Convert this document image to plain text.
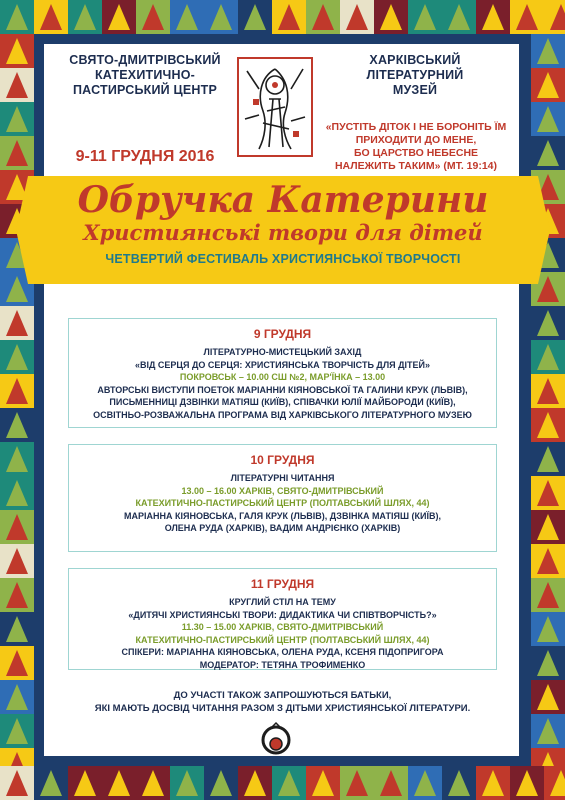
СВЯТО-ДМИТРІВСЬКИЙ
КАТЕХИТИЧНО-
ПАСТИРСЬКИЙ ЦЕНТР
ХАРКІВСЬКИЙ
ЛІТЕРАТУРНИЙ
МУЗЕЙ
«ПУСТІТЬ ДІТОК І НЕ БОРОНІТЬ ЇМ
ПРИХОДИТИ ДО МЕНЕ,
БО ЦАРСТВО НЕБЕСНЕ
НАЛЕЖИТЬ ТАКИМ» (МТ. 19:14)
9-11 ГРУДНЯ 2016
Обручка Катерини
Християнські твори для дітей
ЧЕТВЕРТИЙ ФЕСТИВАЛЬ ХРИСТИЯНСЬКОЇ ТВОРЧОСТІ
9 ГРУДНЯ
ЛІТЕРАТУРНО-МИСТЕЦЬКИЙ ЗАХІД
«ВІД СЕРЦЯ ДО СЕРЦЯ: ХРИСТИЯНСЬКА ТВОРЧІСТЬ ДЛЯ ДІТЕЙ»
ПОКРОВСЬК – 10.00 СШ №2, МАР'ЇНКА – 13.00
АВТОРСЬКІ ВИСТУПИ ПОЕТОК МАРІАННИ КІЯНОВСЬКОЇ ТА ГАЛИНИ КРУК (ЛЬВІВ),
ПИСЬМЕННИЦІ ДЗВІНКИ МАТІЯШ (КИЇВ), СПІВАЧКИ ЮЛІЇ МАЙБОРОДИ (КИЇВ),
ОСВІТНЬО-РОЗВАЖАЛЬНА ПРОГРАМА ВІД ХАРКІВСЬКОГО ЛІТЕРАТУРНОГО МУЗЕЮ
10 ГРУДНЯ
ЛІТЕРАТУРНІ ЧИТАННЯ
13.00 – 16.00 ХАРКІВ, СВЯТО-ДМИТРІВСЬКИЙ
КАТЕХИТИЧНО-ПАСТИРСЬКИЙ ЦЕНТР (ПОЛТАВСЬКИЙ ШЛЯХ, 44)
МАРІАННА КІЯНОВСЬКА, ГАЛЯ КРУК (ЛЬВІВ), ДЗВІНКА МАТІЯШ (КИЇВ),
ОЛЕНА РУДА (ХАРКІВ), ВАДИМ АНДРІЄНКО (ХАРКІВ)
11 ГРУДНЯ
КРУГЛИЙ СТІЛ НА ТЕМУ
«ДИТЯЧІ ХРИСТИЯНСЬКІ ТВОРИ: ДИДАКТИКА ЧИ СПІВТВОРЧІСТЬ?»
11.30 – 15.00 ХАРКІВ, СВЯТО-ДМИТРІВСЬКИЙ
КАТЕХИТИЧНО-ПАСТИРСЬКИЙ ЦЕНТР (ПОЛТАВСЬКИЙ ШЛЯХ, 44)
СПІКЕРИ: МАРІАННА КІЯНОВСЬКА, ОЛЕНА РУДА, КСЕНЯ ПІДОПРИГОРА
МОДЕРАТОР: ТЕТЯНА ТРОФИМЕНКО
ДО УЧАСТІ ТАКОЖ ЗАПРОШУЮТЬСЯ БАТЬКИ,
ЯКІ МАЮТЬ ДОСВІД ЧИТАННЯ РАЗОМ З ДІТЬМИ ХРИСТИЯНСЬКОЇ ЛІТЕРАТУРИ.
